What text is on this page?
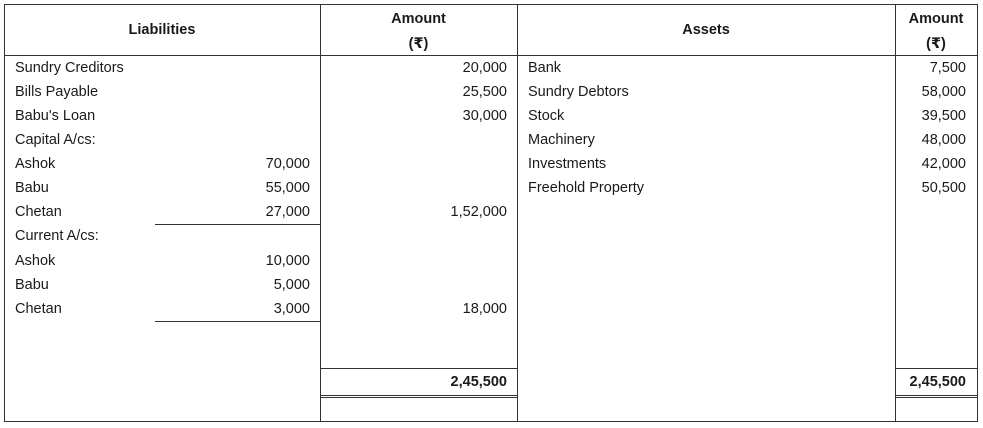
Liabilities
Amount
(₹)
Assets
Amount
(₹)
Sundry Creditors
Bills Payable
Babu's Loan
Capital A/cs:
Ashok
Babu
Chetan
Current A/cs:
Ashok
Babu
Chetan
70,000
55,000
27,000
10,000
5,000
3,000
20,000
25,500
30,000
1,52,000
18,000
2,45,500
Bank
Sundry Debtors
Stock
Machinery
Investments
Freehold Property
7,500
58,000
39,500
48,000
42,000
50,500
2,45,500
